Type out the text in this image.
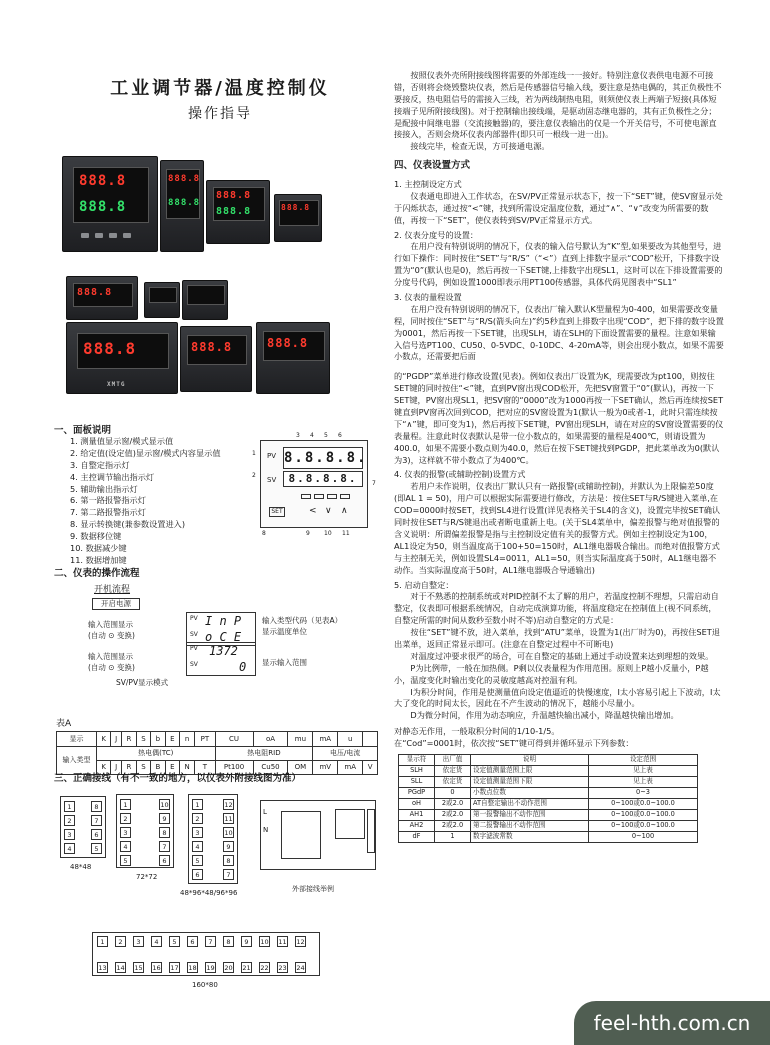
工业调节器/温度控制仪
操作指导
888.8
888.8
888.8
888.8
888.8
888.8	888.8
888.8
888.8
XMTG
888.8	888.8
一、面板说明
1. 测量值显示窗/模式显示值
2. 给定值(设定值)显示窗/模式内容显示值
3. 自整定指示灯
4. 主控调节输出指示灯
5. 辅助输出指示灯
6. 第一路报警指示灯
7. 第二路报警指示灯
8. 显示转换键(兼参数设置进入)
9. 数据移位键
10. 数据减少键
11. 数据增加键
PV 8.8.8.8.
SV	8.8.8.8.
SET	< ∨ ∧
1
2
3 4 5 6
7
8	9 10 11
二、仪表的操作流程
开机流程
开启电源
输入范围显示
(自动 ⊙ 变换)
PV I n P
SV o C E
输入类型代码（见表A）
显示温度单位
输入范围显示
(自动 ⊙ 变换)
PV 1372
SV	0 显示输入范围
SV/PV显示模式
表A
显示	K	J	R	S	b	E	n	PT	CU	oA	mu	mA	u	
输入类型	热电偶(TC)								热电阻RID			电压/电流		
	K	J	R	S	B	E	N	T	Pt100	Cu50	OM	mV	mA	V
三、正确接线（有不一致的地方，以仪表外附接线图为准）
1
2
3
4
8
7
6
5
48*48
1
2
3
4
5
10
9
8
7
6
72*72
1
2
3
4
5
6
12
11
10
9
8
7
48*96*48/96*96
L
N
外部接线举例
1	2	3	4	5	6	7	8	9	10 11 12
13 14 15 16 17 18 19 20 21 22 23 24
160*80
按照仪表外壳所附接线图将需要的外部连线一一接好。特别注意仪表供电电源不可接错，否则将会烧毁整块仪表，然后是传感器信号输入线，要注意是热电偶的，其正负极性不要接反，热电阻信号的需接入三线，若为两线制热电阻，则须使仪表上两端子短接(具体短接端子见所附接线图)。对于控制输出接线端，是驱动固态继电器的，其有正负极性之分；是配接中间继电器（交流接触器)的，要注意仪表输出的仅是一个开关信号，不可使电源直接接入，否则会烧坏仪表内部器件(即只可一根线一进一出)。
接线完毕，检查无误，方可接通电源。
四、仪表设置方式
1. 主控制设定方式
仪表通电即进入工作状态，在SV/PV正常显示状态下，按一下“SET”键，使SV窗显示处于闪烁状态，通过按“<”键，找到所需设定温度位数，通过“∧”、“∨”改变为所需要的数值，再按一下“SET”，使仪表转到SV/PV正常显示方式。
2. 仪表分度号的设置：
在用户没有特别说明的情况下，仪表的输入信号默认为“K”型,如果要改为其他型号，进行如下操作：同时按住“SET”与“R/S”（“<”）直到上排数字显示“COD”松开，下排数字设置为“0”(默认也是0)，然后再按一下SET键,上排数字出现SL1，这时可以在下排设置需要的分度号代码，例如设置1000即表示用PT100传感器，具体代码见图表中“SL1”
3. 仪表的量程设置
在用户没有特别说明的情况下，仪表出厂输入默认K型量程为0-400，如果需要改变量程，同时按住“SET”与“R/S(箭头向左)”约5秒直到上排数字出现“COD”，把下排的数字设置为0001，然后再按一下SET键，出现SLH，请在SLH的下面设置需要的量程。注意如果输入信号选PT100、CU50、0-5VDC、0-10DC、4-20mA等，则会出现小数点，如果不需要小数点，还需要把后面
的“PGDP”菜单进行修改设置(见表)。例如仪表出厂设置为K，现需要改为pt100，则按住SET键的同时按住“<”键，直到PV窗出现COD松开，先把SV窗置于“0”(默认)，再按一下SET键，PV窗出现SL1，把SV窗的“0000”改为1000再按一下SET确认，然后再连续按SET键直到PV窗再次回到COD，把对应的SV窗设置为1(默认一般为0或者-1，此时只需连续按下“∧”键，即可变为1)，然后再按下SET键，PV窗出现SLH，请在对应的SV窗设置需要的仪表量程。注意此时仪表默认是带一位小数点的，如果需要的量程是400℃，则请设置为400.0，如果不需要小数点则为40.0，然后在按下SET键找到PGDP，把此菜单改为0(默认为3)，这样就不带小数点了为400℃。
4. 仪表的报警(或辅助控制)设置方式
若用户未作说明，仪表出厂默认只有一路报警(或辅助控制)，并默认为上限偏差50度(即AL 1 = 50)，用户可以根据实际需要进行修改，方法是：按住SET与R/S键进入菜单,在COD=0000时按SET，找到SL4进行设置(详见表格关于SL4的含义)，设置完毕按SET确认同时按住SET与R/S键退出或者断电重新上电。(关于SL4菜单中，偏差报警与绝对值报警的含义说明：所谓偏差报警是指与主控制设定值有关的报警方式。例如主控制设定为100，AL1设定为50，则当温度高于100+50=150时，AL1继电器吸合输出。而绝对值报警方式与主控制无关，例如设置SL4=0011，AL1=50，则当实际温度高于50时，AL1继电器不动作。当实际温度高于50时，AL1继电器吸合导通输出)
5. 启动自整定：
对于不熟悉的控制系统或对PID控制不太了解的用户，若温度控制不理想，只需启动自整定，仪表即可根据系统情况，自动完成演算功能，将温度稳定在控制值上(视不同系统，自整定所需的时间从数秒至数小时不等)启动自整定的方式是：
按住“SET”键不放，进入菜单，找到“ATU”菜单，设置为1(出厂时为0)，再按住SET退出菜单，返回正常显示即可。(注意在自整定过程中不可断电)
对温度过冲要求很严的场合，可在自整定的基础上通过手动设置来达到理想的效果。
P为比例带，一般在加热侧。P剩以仪表量程为作用范围。原则上P越小反量小，P越小，温度变化时输出变化的灵敏度越高对控温有利。
I为积分时间，作用是使测量值向设定值逼近的快慢速度，I太小容易引起上下波动，I太大了变化的时间太长，因此在不产生波动的情况下，越能小尽量小。
D为微分时间，作用为动态响应，升温越快输出减小，降温越快输出增加。
对静态无作用，一般取积分时间的1/10-1/5。
在“Cod”=0001时，依次按“SET”键可得到并循环显示下列参数：
显示符	出厂值	说明	设定范围
SLH	依定货	设定值测量范围上限	见上表
SLL	依定货	设定值测量范围下限	见上表
PGdP	0	小数点位数	0~3
oH	2或2.0	AT自整定输出不动作范围	0~100或0.0~100.0
AH1	2或2.0	第一报警输出不动作范围	0~100或0.0~100.0
AH2	2或2.0	第二报警输出不动作范围	0~100或0.0~100.0
dF	1	数字滤波常数	0~100
feel-hth.com.cn
